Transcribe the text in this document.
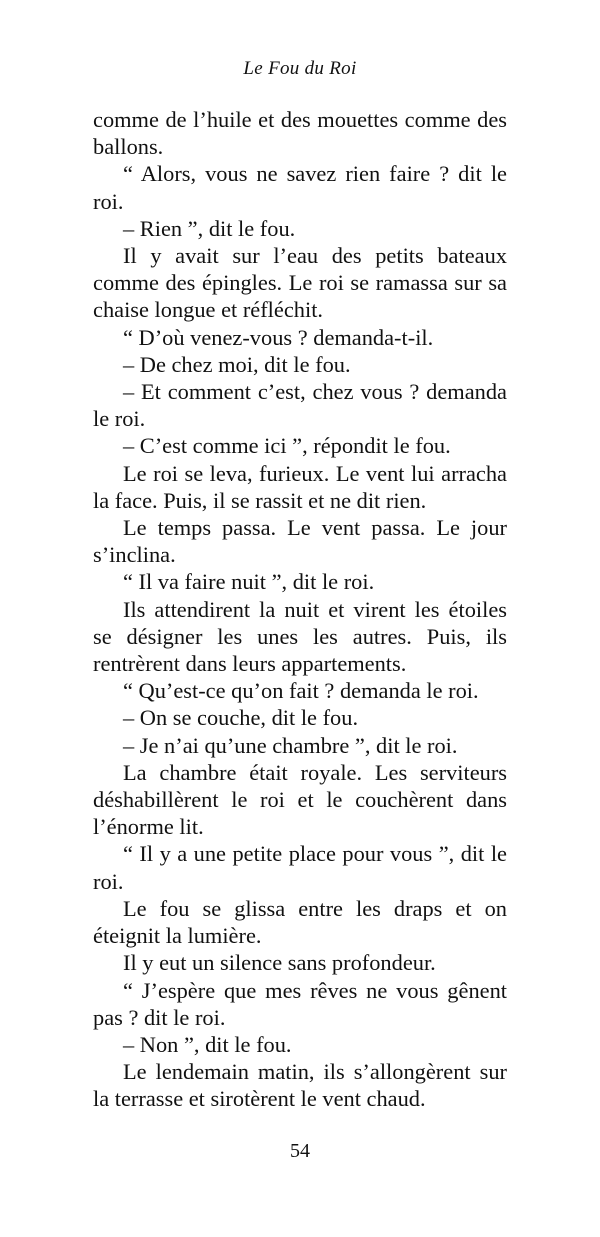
Le Fou du Roi

comme de l’huile et des mouettes comme des ballons.

“ Alors, vous ne savez rien faire ? dit le roi.

– Rien ”, dit le fou.

Il y avait sur l’eau des petits bateaux comme des épingles. Le roi se ramassa sur sa chaise longue et réfléchit.

“ D’où venez-vous ? demanda-t-il.

– De chez moi, dit le fou.

– Et comment c’est, chez vous ? demanda le roi.

– C’est comme ici ”, répondit le fou.

Le roi se leva, furieux. Le vent lui arracha la face. Puis, il se rassit et ne dit rien.

Le temps passa. Le vent passa. Le jour s’inclina.

“ Il va faire nuit ”, dit le roi.

Ils attendirent la nuit et virent les étoiles se désigner les unes les autres. Puis, ils rentrèrent dans leurs appartements.

“ Qu’est-ce qu’on fait ? demanda le roi.

– On se couche, dit le fou.

– Je n’ai qu’une chambre ”, dit le roi.

La chambre était royale. Les serviteurs déshabillèrent le roi et le couchèrent dans l’énorme lit.

“ Il y a une petite place pour vous ”, dit le roi.

Le fou se glissa entre les draps et on éteignit la lumière.

Il y eut un silence sans profondeur.

“ J’espère que mes rêves ne vous gênent pas ? dit le roi.

– Non ”, dit le fou.

Le lendemain matin, ils s’allongèrent sur la terrasse et sirotèrent le vent chaud.

54
